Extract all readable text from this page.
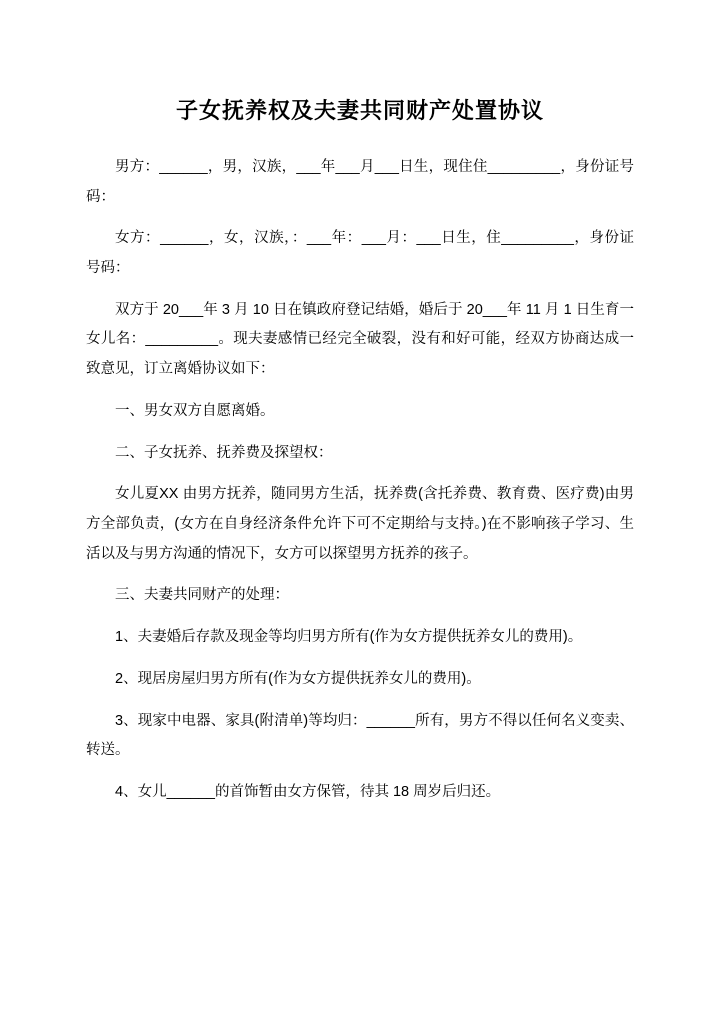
子女抚养权及夫妻共同财产处置协议

男方：______，男，汉族，___年___月___日生，现住住_________，身份证号码：

女方：______，女，汉族，：___年：___月：___日生，住_________，身份证号码：

双方于 20___年 3 月 10 日在镇政府登记结婚，婚后于 20___年 11 月 1 日生育一女儿名：_________。现夫妻感情已经完全破裂，没有和好可能，经双方协商达成一致意见，订立离婚协议如下：

一、男女双方自愿离婚。

二、子女抚养、抚养费及探望权：

女儿夏XX 由男方抚养，随同男方生活，抚养费(含托养费、教育费、医疗费)由男方全部负责，(女方在自身经济条件允许下可不定期给与支持。)在不影响孩子学习、生活以及与男方沟通的情况下，女方可以探望男方抚养的孩子。

三、夫妻共同财产的处理：

1、夫妻婚后存款及现金等均归男方所有(作为女方提供抚养女儿的费用)。

2、现居房屋归男方所有(作为女方提供抚养女儿的费用)。

3、现家中电器、家具(附清单)等均归：______所有，男方不得以任何名义变卖、转送。

4、女儿______的首饰暂由女方保管，待其 18 周岁后归还。
